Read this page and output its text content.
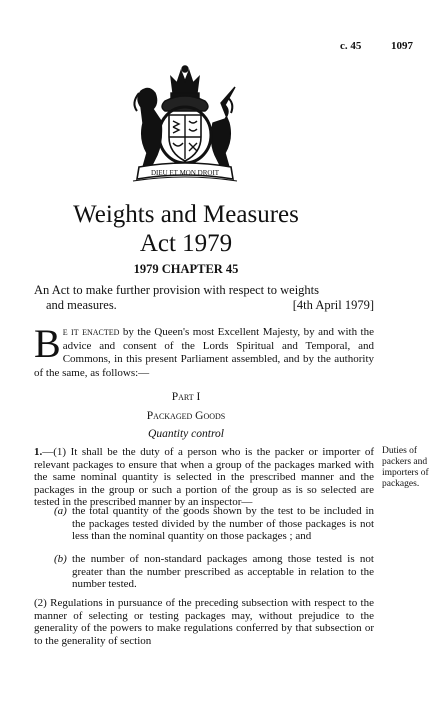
c. 45	1097
DIEU ET MON DROIT
Weights and Measures
Act 1979
1979 CHAPTER 45
An Act to make further provision with respect to weights
and measures.	[4th April 1979]
Be it enacted by the Queen's most Excellent Majesty, by and with the advice and consent of the Lords Spiritual and Temporal, and Commons, in this present Parliament assembled, and by the authority of the same, as follows:—
Part I
Packaged Goods
Quantity control
1.—(1) It shall be the duty of a person who is the packer or importer of relevant packages to ensure that when a group of the packages marked with the same nominal quantity is selected in the prescribed manner and the packages in the group or such a portion of the group as is so selected are tested in the prescribed manner by an inspector—
Duties of packers and importers of packages.
(a) the total quantity of the goods shown by the test to be included in the packages tested divided by the number of those packages is not less than the nominal quantity on those packages ; and
(b) the number of non-standard packages among those tested is not greater than the number prescribed as acceptable in relation to the number tested.
(2) Regulations in pursuance of the preceding subsection with respect to the manner of selecting or testing packages may, without prejudice to the generality of the powers to make regulations conferred by that subsection or to the generality of section
